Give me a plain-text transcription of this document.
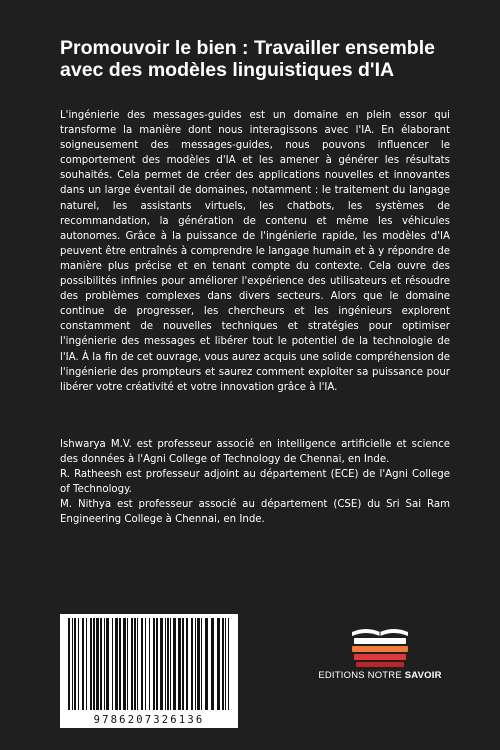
Promouvoir le bien : Travailler ensemble avec des modèles linguistiques d'IA

L'ingénierie des messages-guides est un domaine en plein essor qui transforme la manière dont nous interagissons avec l'IA. En élaborant soigneusement des messages-guides, nous pouvons influencer le comportement des modèles d'IA et les amener à générer les résultats souhaités. Cela permet de créer des applications nouvelles et innovantes dans un large éventail de domaines, notamment : le traitement du langage naturel, les assistants virtuels, les chatbots, les systèmes de recommandation, la génération de contenu et même les véhicules autonomes. Grâce à la puissance de l'ingénierie rapide, les modèles d'IA peuvent être entraînés à comprendre le langage humain et à y répondre de manière plus précise et en tenant compte du contexte. Cela ouvre des possibilités infinies pour améliorer l'expérience des utilisateurs et résoudre des problèmes complexes dans divers secteurs. Alors que le domaine continue de progresser, les chercheurs et les ingénieurs explorent constamment de nouvelles techniques et stratégies pour optimiser l'ingénierie des messages et libérer tout le potentiel de la technologie de l'IA. À la fin de cet ouvrage, vous aurez acquis une solide compréhension de l'ingénierie des prompteurs et saurez comment exploiter sa puissance pour libérer votre créativité et votre innovation grâce à l'IA.

Ishwarya M.V. est professeur associé en intelligence artificielle et science des données à l'Agni College of Technology de Chennai, en Inde.

R. Ratheesh est professeur adjoint au département (ECE) de l'Agni College of Technology.

M. Nithya est professeur associé au département (CSE) du Sri Sai Ram Engineering College à Chennai, en Inde.

9786207326136
EDITIONS NOTRE SAVOIR
